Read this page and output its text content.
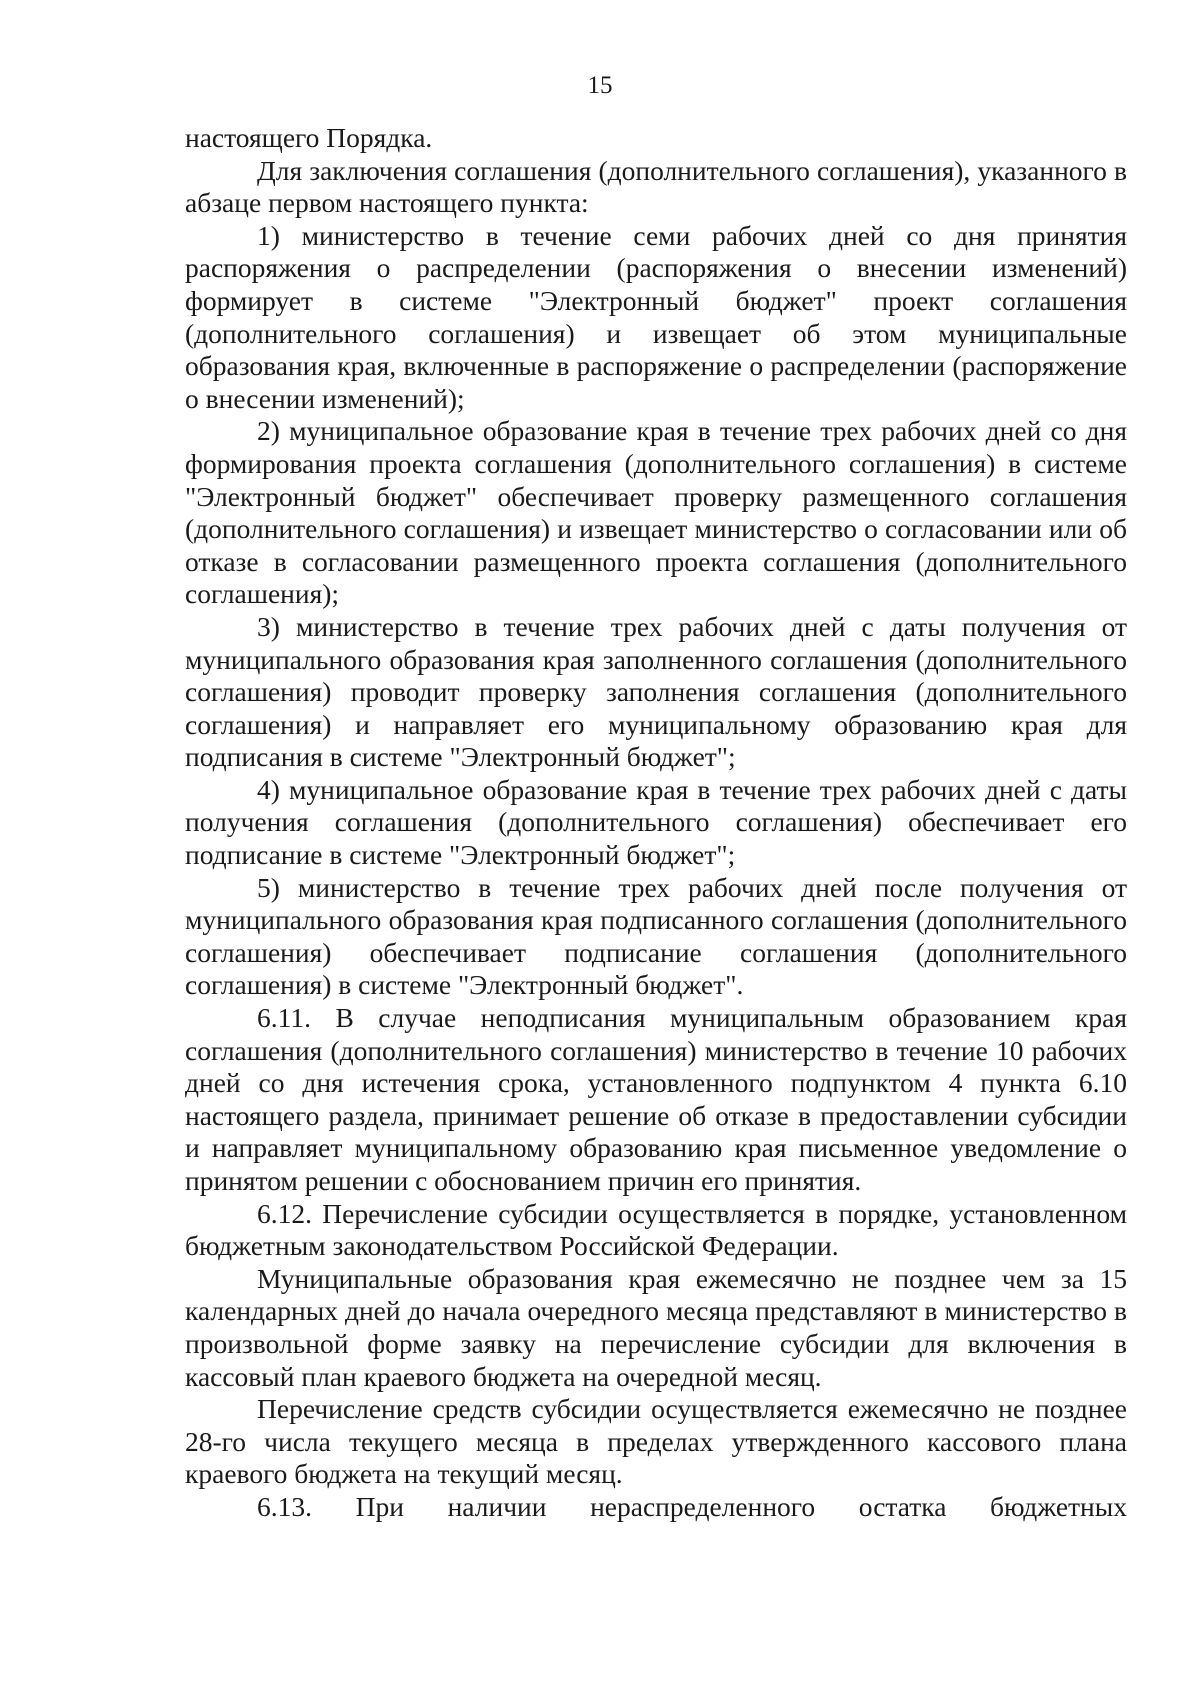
15

настоящего Порядка.

Для заключения соглашения (дополнительного соглашения), указанного в абзаце первом настоящего пункта:

1) министерство в течение семи рабочих дней со дня принятия распоряжения о распределении (распоряжения о внесении изменений) формирует в системе "Электронный бюджет" проект соглашения (дополнительного соглашения) и извещает об этом муниципальные образования края, включенные в распоряжение о распределении (распоряжение о внесении изменений);

2) муниципальное образование края в течение трех рабочих дней со дня формирования проекта соглашения (дополнительного соглашения) в системе "Электронный бюджет" обеспечивает проверку размещенного соглашения (дополнительного соглашения) и извещает министерство о согласовании или об отказе в согласовании размещенного проекта соглашения (дополнительного соглашения);

3) министерство в течение трех рабочих дней с даты получения от муниципального образования края заполненного соглашения (дополнительного соглашения) проводит проверку заполнения соглашения (дополнительного соглашения) и направляет его муниципальному образованию края для подписания в системе "Электронный бюджет";

4) муниципальное образование края в течение трех рабочих дней с даты получения соглашения (дополнительного соглашения) обеспечивает его подписание в системе "Электронный бюджет";

5) министерство в течение трех рабочих дней после получения от муниципального образования края подписанного соглашения (дополнительного соглашения) обеспечивает подписание соглашения (дополнительного соглашения) в системе "Электронный бюджет".

6.11. В случае неподписания муниципальным образованием края соглашения (дополнительного соглашения) министерство в течение 10 рабочих дней со дня истечения срока, установленного подпунктом 4 пункта 6.10 настоящего раздела, принимает решение об отказе в предоставлении субсидии и направляет муниципальному образованию края письменное уведомление о принятом решении с обоснованием причин его принятия.

6.12. Перечисление субсидии осуществляется в порядке, установленном бюджетным законодательством Российской Федерации.

Муниципальные образования края ежемесячно не позднее чем за 15 календарных дней до начала очередного месяца представляют в министерство в произвольной форме заявку на перечисление субсидии для включения в кассовый план краевого бюджета на очередной месяц.

Перечисление средств субсидии осуществляется ежемесячно не позднее 28-го числа текущего месяца в пределах утвержденного кассового плана краевого бюджета на текущий месяц.

6.13. При наличии нераспределенного остатка бюджетных
